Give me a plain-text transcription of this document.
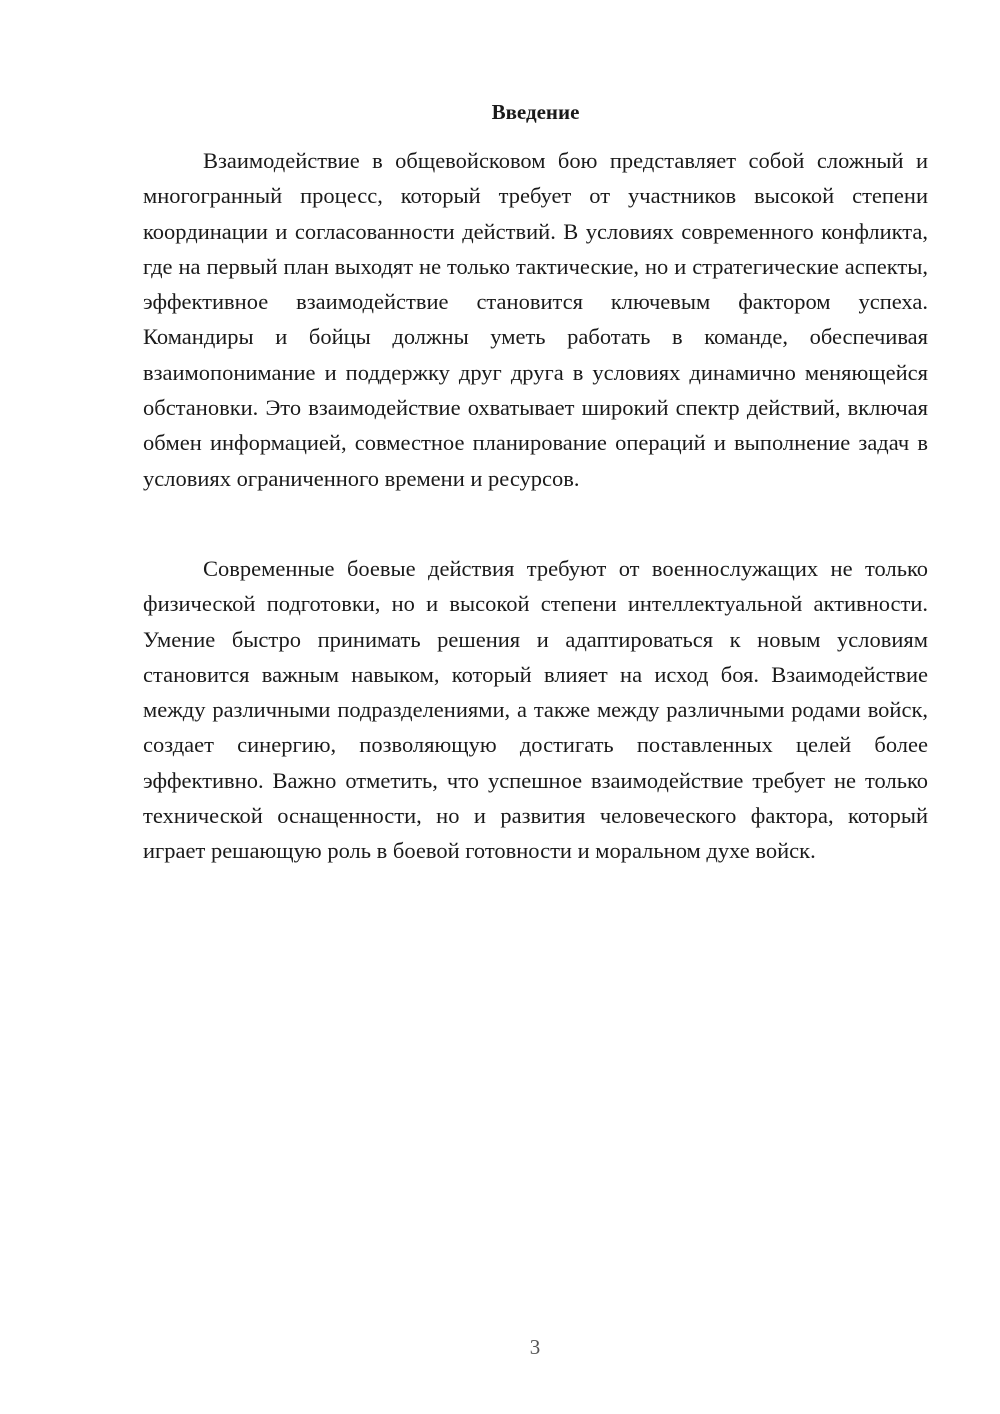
Введение

Взаимодействие в общевойсковом бою представляет собой сложный и многогранный процесс, который требует от участников высокой степени координации и согласованности действий. В условиях современного конфликта, где на первый план выходят не только тактические, но и стратегические аспекты, эффективное взаимодействие становится ключевым фактором успеха. Командиры и бойцы должны уметь работать в команде, обеспечивая взаимопонимание и поддержку друг друга в условиях динамично меняющейся обстановки. Это взаимодействие охватывает широкий спектр действий, включая обмен информацией, совместное планирование операций и выполнение задач в условиях ограниченного времени и ресурсов.

Современные боевые действия требуют от военнослужащих не только физической подготовки, но и высокой степени интеллектуальной активности. Умение быстро принимать решения и адаптироваться к новым условиям становится важным навыком, который влияет на исход боя. Взаимодействие между различными подразделениями, а также между различными родами войск, создает синергию, позволяющую достигать поставленных целей более эффективно. Важно отметить, что успешное взаимодействие требует не только технической оснащенности, но и развития человеческого фактора, который играет решающую роль в боевой готовности и моральном духе войск.

3
